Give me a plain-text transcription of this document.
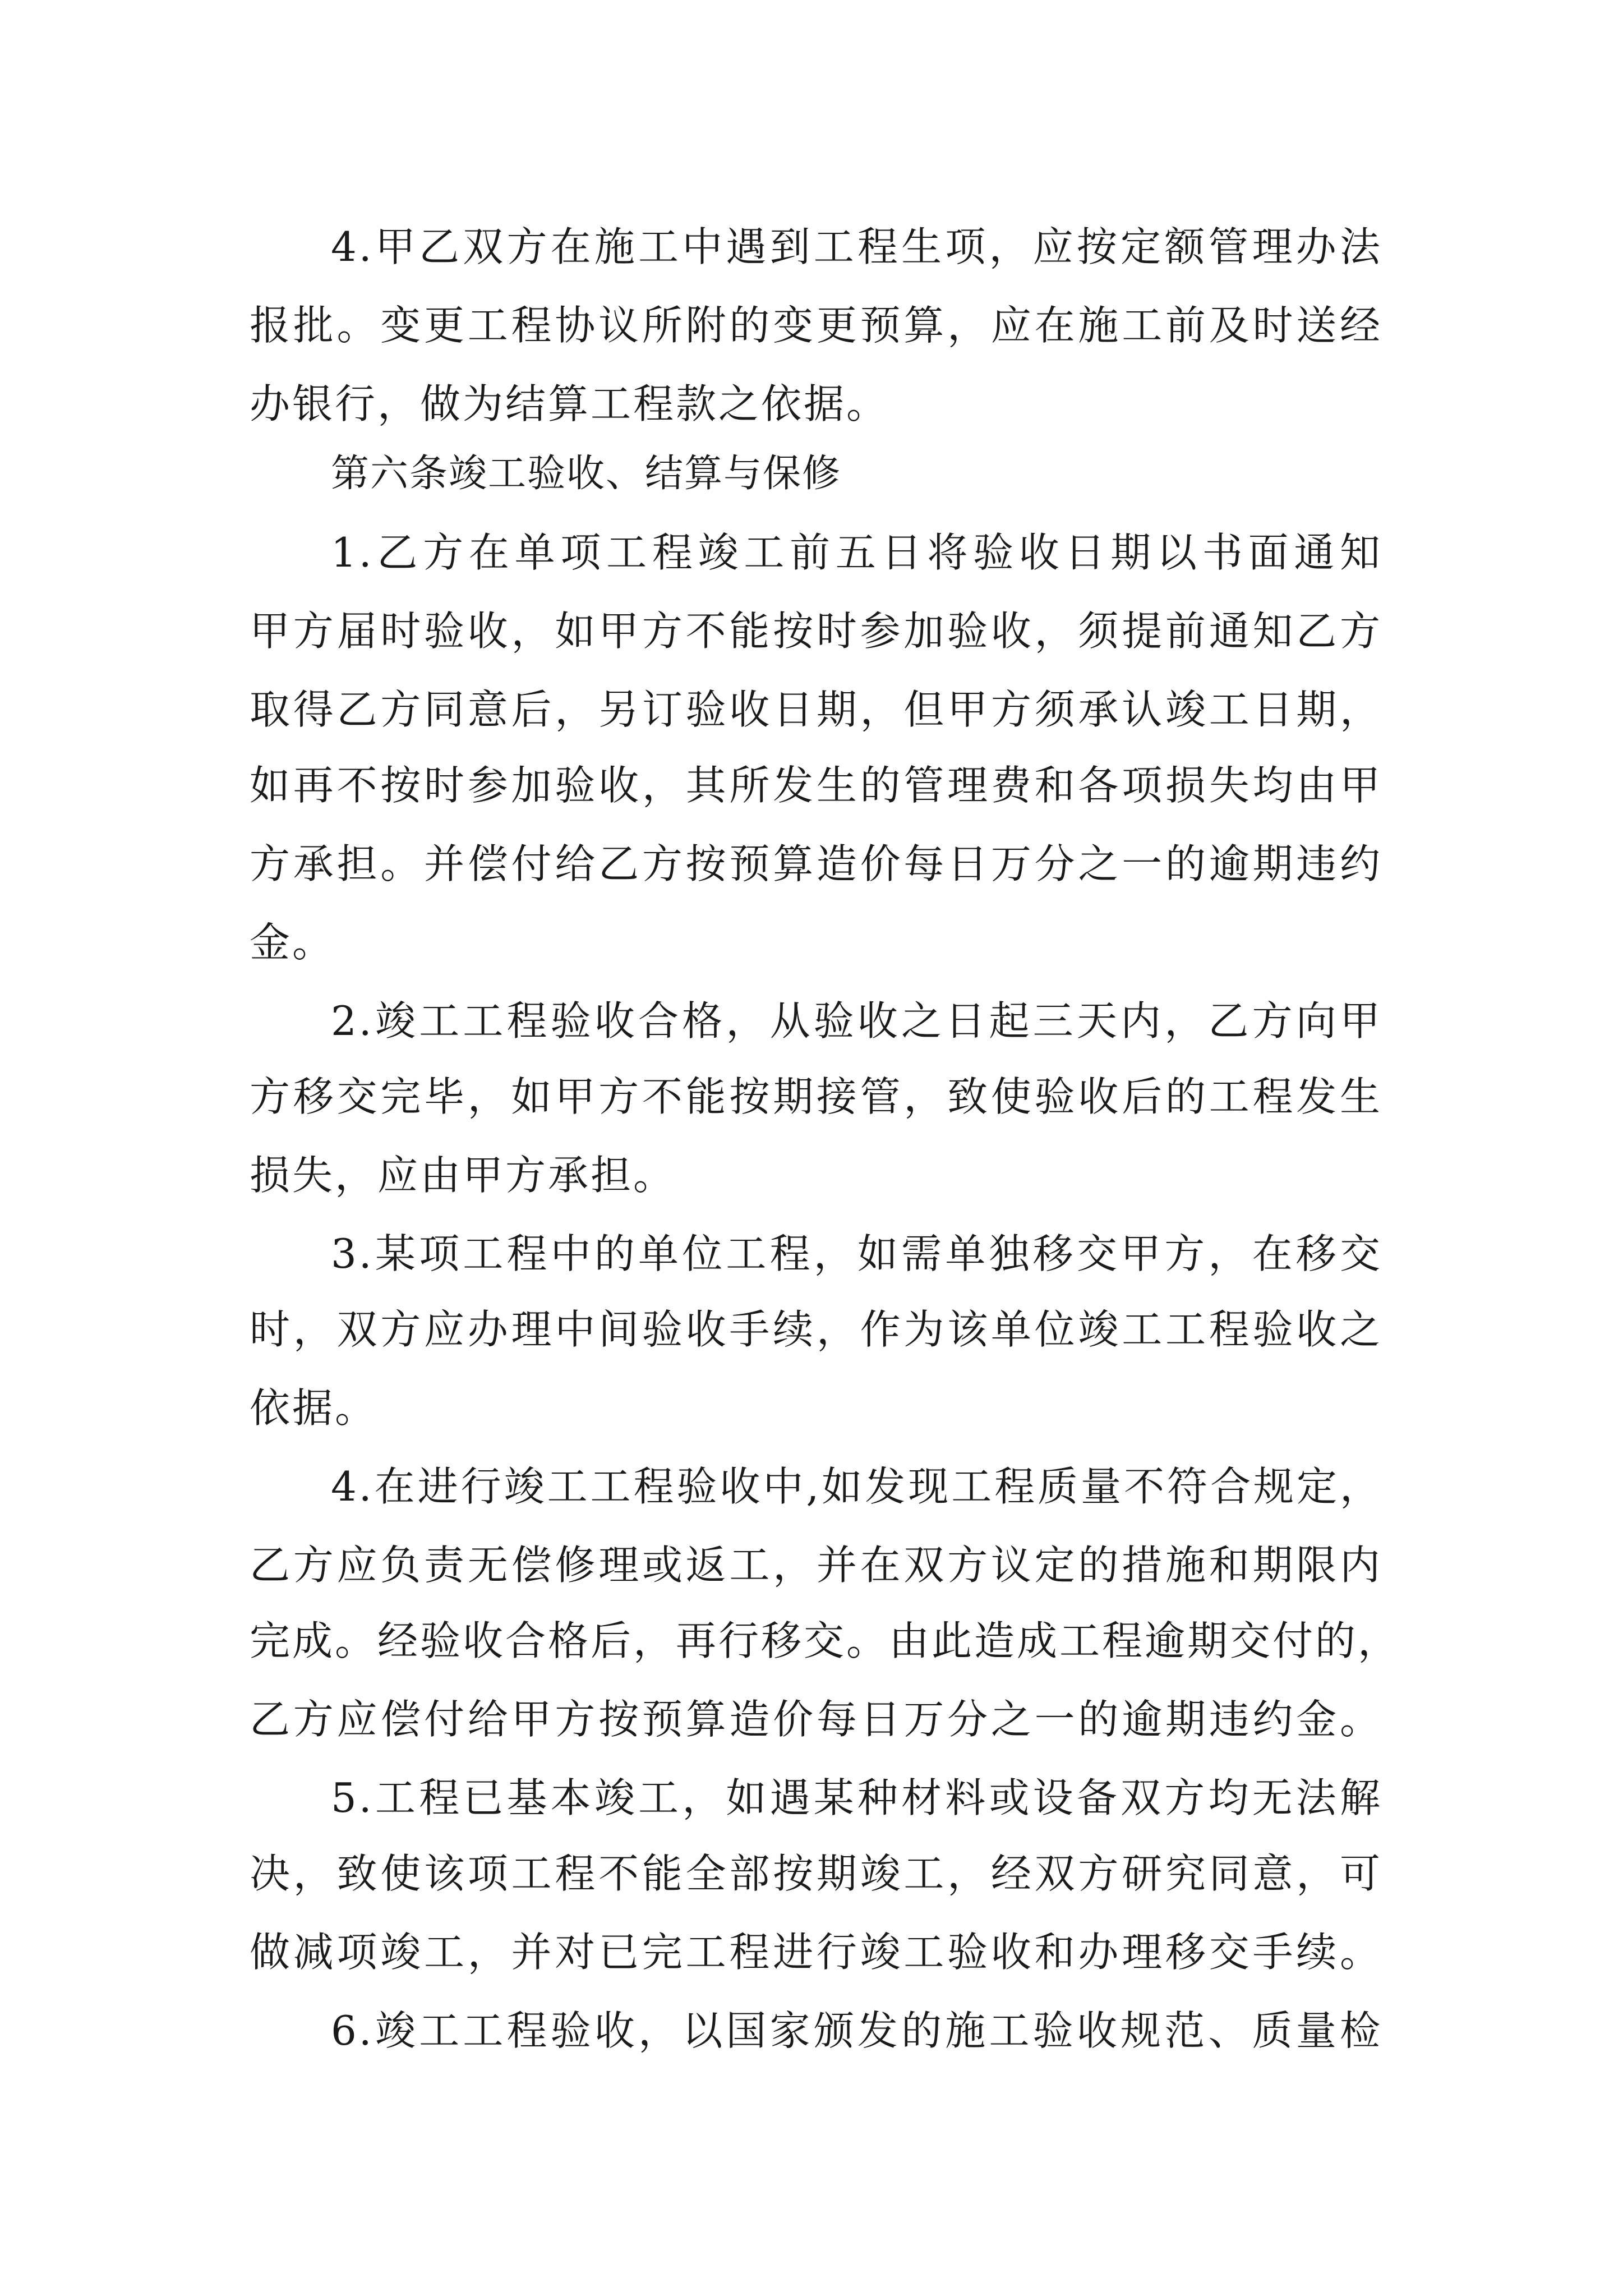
4.甲乙双方在施工中遇到工程生项，应按定额管理办法
报批。变更工程协议所附的变更预算，应在施工前及时送经
办银行，做为结算工程款之依据。
第六条竣工验收、结算与保修
1.乙方在单项工程竣工前五日将验收日期以书面通知
甲方届时验收，如甲方不能按时参加验收，须提前通知乙方
取得乙方同意后，另订验收日期，但甲方须承认竣工日期，
如再不按时参加验收，其所发生的管理费和各项损失均由甲
方承担。并偿付给乙方按预算造价每日万分之一的逾期违约
金。
2.竣工工程验收合格，从验收之日起三天内，乙方向甲
方移交完毕，如甲方不能按期接管，致使验收后的工程发生
损失，应由甲方承担。
3.某项工程中的单位工程，如需单独移交甲方，在移交
时，双方应办理中间验收手续，作为该单位竣工工程验收之
依据。
4.在进行竣工工程验收中,如发现工程质量不符合规定，
乙方应负责无偿修理或返工，并在双方议定的措施和期限内
完成。经验收合格后，再行移交。由此造成工程逾期交付的，
乙方应偿付给甲方按预算造价每日万分之一的逾期违约金。
5.工程已基本竣工，如遇某种材料或设备双方均无法解
决，致使该项工程不能全部按期竣工，经双方研究同意，可
做减项竣工，并对已完工程进行竣工验收和办理移交手续。
6.竣工工程验收，以国家颁发的施工验收规范、质量检
